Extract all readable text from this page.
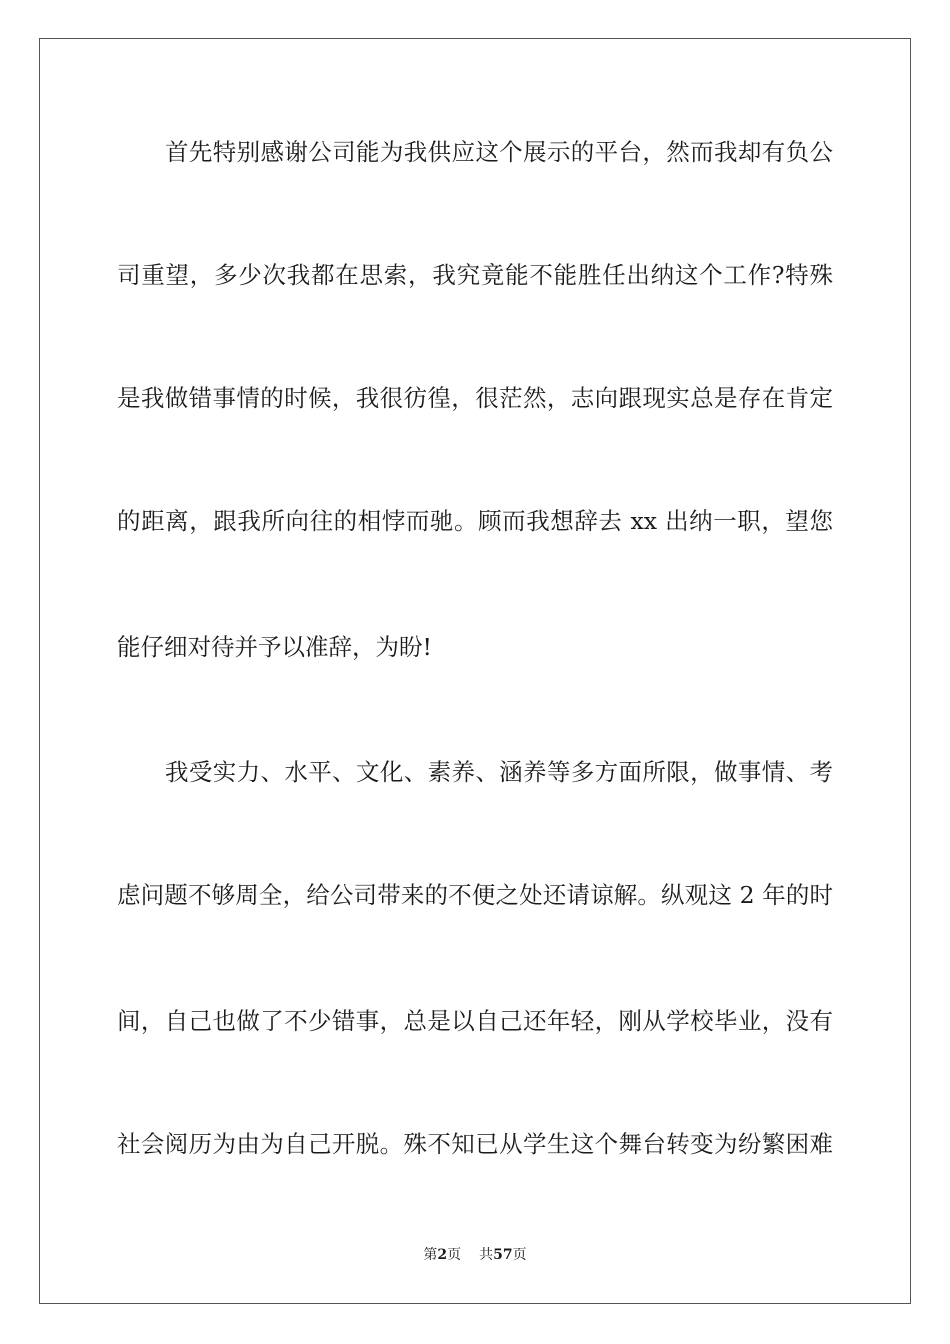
首先特别感谢公司能为我供应这个展示的平台，然而我却有负公
司重望，多少次我都在思索，我究竟能不能胜任出纳这个工作?特殊
是我做错事情的时候，我很彷徨，很茫然，志向跟现实总是存在肯定
的距离，跟我所向往的相悖而驰。顾而我想辞去 xx 出纳一职，望您
能仔细对待并予以准辞，为盼!
我受实力、水平、文化、素养、涵养等多方面所限，做事情、考
虑问题不够周全，给公司带来的不便之处还请谅解。纵观这 2 年的时
间，自己也做了不少错事，总是以自己还年轻，刚从学校毕业，没有
社会阅历为由为自己开脱。殊不知已从学生这个舞台转变为纷繁困难
第2页 共57页
